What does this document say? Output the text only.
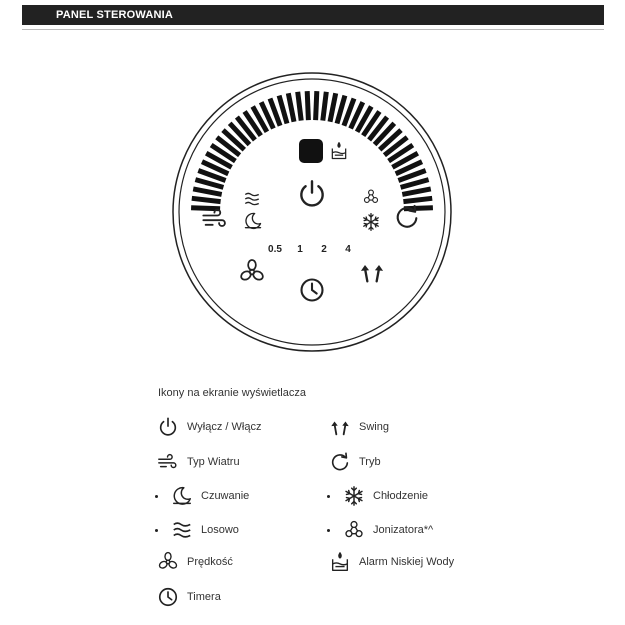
PANEL STEROWANIA
0.5 1 2 4
Ikony na ekranie wyświetlacza
Wyłącz / Włącz
Typ Wiatru
Czuwanie
Losowo
Prędkość
Timera
Swing
Tryb
Chłodzenie
Jonizatora*^
Alarm Niskiej Wody
